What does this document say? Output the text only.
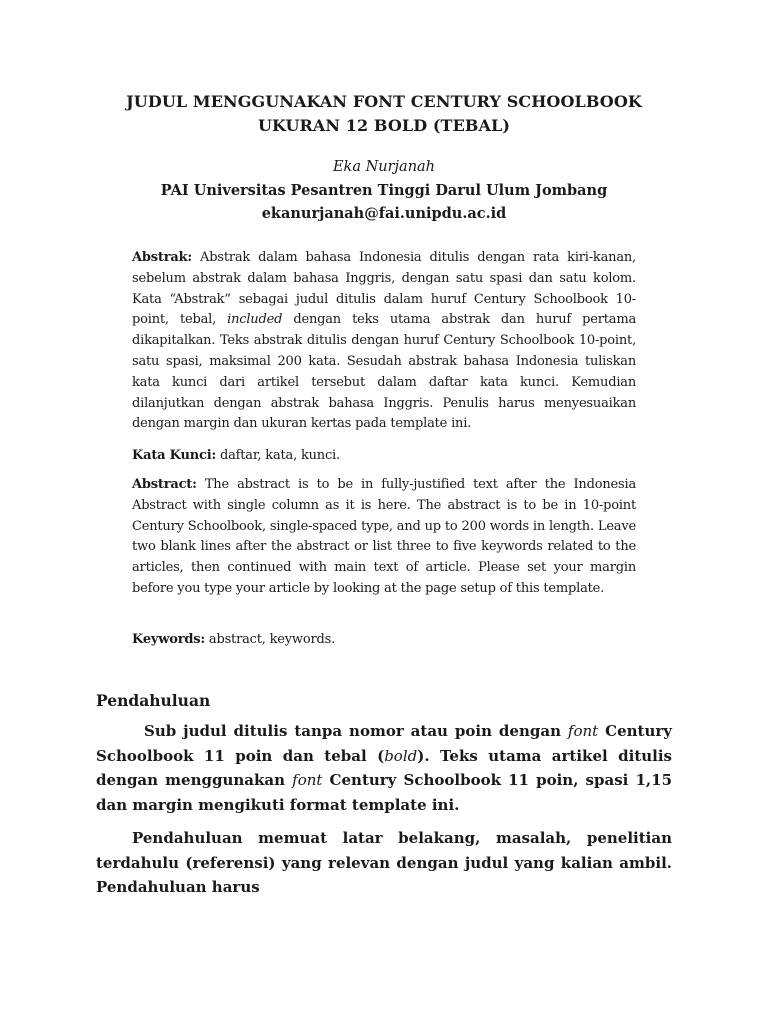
JUDUL MENGGUNAKAN FONT CENTURY SCHOOLBOOK
UKURAN 12 BOLD (TEBAL)
Eka Nurjanah
PAI Universitas Pesantren Tinggi Darul Ulum Jombang
ekanurjanah@fai.unipdu.ac.id

Abstrak: Abstrak dalam bahasa Indonesia ditulis dengan rata kiri-kanan, sebelum abstrak dalam bahasa Inggris, dengan satu spasi dan satu kolom. Kata “Abstrak” sebagai judul ditulis dalam huruf Century Schoolbook 10-point, tebal, included dengan teks utama abstrak dan huruf pertama dikapitalkan. Teks abstrak ditulis dengan huruf Century Schoolbook 10-point, satu spasi, maksimal 200 kata. Sesudah abstrak bahasa Indonesia tuliskan kata kunci dari artikel tersebut dalam daftar kata kunci. Kemudian dilanjutkan dengan abstrak bahasa Inggris. Penulis harus menyesuaikan dengan margin dan ukuran kertas pada template ini.

Kata Kunci: daftar, kata, kunci.

Abstract: The abstract is to be in fully-justified text after the Indonesia Abstract with single column as it is here. The abstract is to be in 10-point Century Schoolbook, single-spaced type, and up to 200 words in length. Leave two blank lines after the abstract or list three to five keywords related to the articles, then continued with main text of article. Please set your margin before you type your article by looking at the page setup of this template.

Keywords: abstract, keywords.

Pendahuluan

Sub judul ditulis tanpa nomor atau poin dengan font Century Schoolbook 11 poin dan tebal (bold). Teks utama artikel ditulis dengan menggunakan font Century Schoolbook 11 poin, spasi 1,15 dan margin mengikuti format template ini.

Pendahuluan memuat latar belakang, masalah, penelitian terdahulu (referensi) yang relevan dengan judul yang kalian ambil. Pendahuluan harus
